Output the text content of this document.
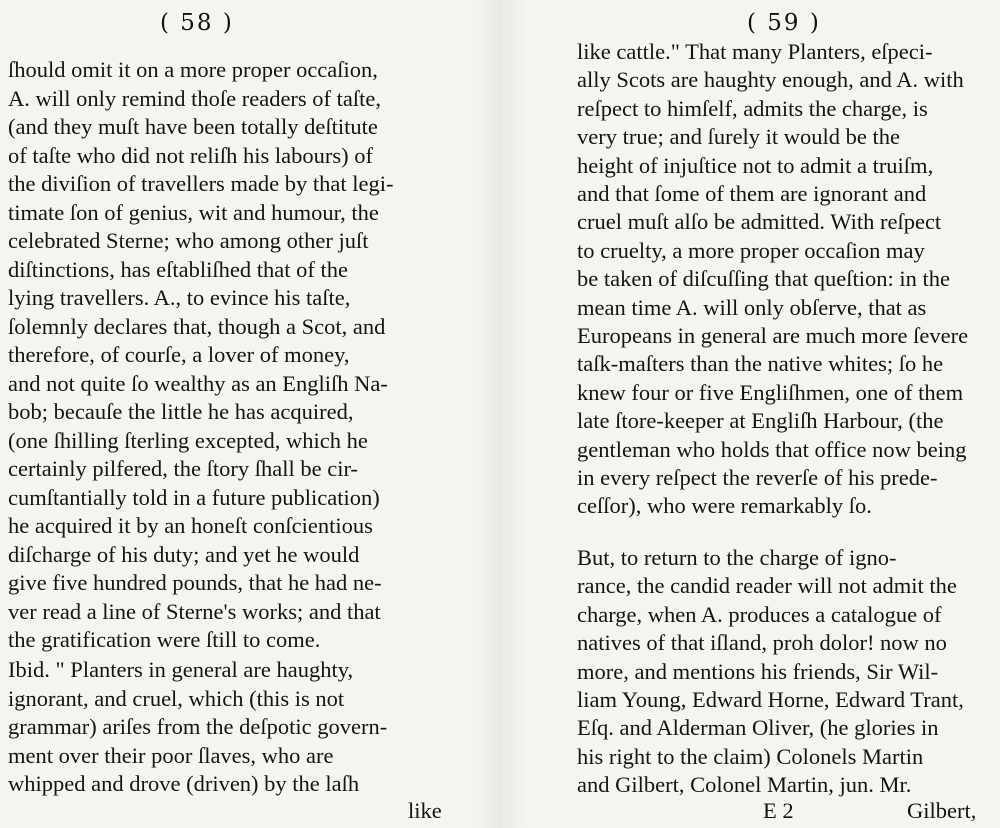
( 58 )
ſhould omit it on a more proper occaſion,
A. will only remind thoſe readers of taſte,
(and they muſt have been totally deſtitute
of taſte who did not reliſh his labours) of
the diviſion of travellers made by that legi-
timate ſon of genius, wit and humour, the
celebrated Sterne; who among other juſt
diſtinctions, has eſtabliſhed that of the
lying travellers. A., to evince his taſte,
ſolemnly declares that, though a Scot, and
therefore, of courſe, a lover of money,
and not quite ſo wealthy as an Engliſh Na-
bob; becauſe the little he has acquired,
(one ſhilling ſterling excepted, which he
certainly pilfered, the ſtory ſhall be cir-
cumſtantially told in a future publication)
he acquired it by an honeſt conſcientious
diſcharge of his duty; and yet he would
give five hundred pounds, that he had ne-
ver read a line of Sterne's works; and that
the gratification were ſtill to come.
Ibid. " Planters in general are haughty,
ignorant, and cruel, which (this is not
grammar) ariſes from the deſpotic govern-
ment over their poor ſlaves, who are
whipped and drove (driven) by the laſh
like
( 59 )
like cattle." That many Planters, eſpeci-
ally Scots are haughty enough, and A. with
reſpect to himſelf, admits the charge, is
very true; and ſurely it would be the
height of injuſtice not to admit a truiſm,
and that ſome of them are ignorant and
cruel muſt alſo be admitted. With reſpect
to cruelty, a more proper occaſion may
be taken of diſcuſſing that queſtion: in the
mean time A. will only obſerve, that as
Europeans in general are much more ſevere
taſk-maſters than the native whites; ſo he
knew four or five Engliſhmen, one of them
late ſtore-keeper at Engliſh Harbour, (the
gentleman who holds that office now being
in every reſpect the reverſe of his prede-
ceſſor), who were remarkably ſo.
But, to return to the charge of igno-
rance, the candid reader will not admit the
charge, when A. produces a catalogue of
natives of that iſland, proh dolor! now no
more, and mentions his friends, Sir Wil-
liam Young, Edward Horne, Edward Trant,
Eſq. and Alderman Oliver, (he glories in
his right to the claim) Colonels Martin
and Gilbert, Colonel Martin, jun. Mr.
E 2	Gilbert,
